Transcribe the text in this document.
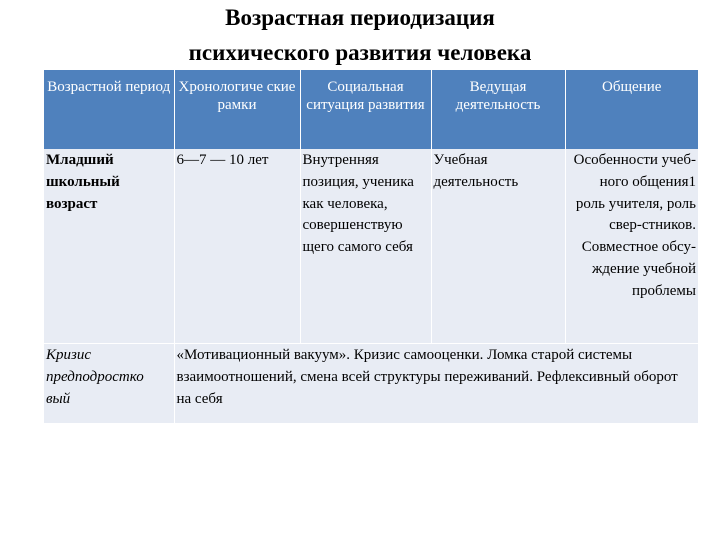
Возрастная периодизация
психического развития человека
Возрастной период	Хронологиче ские рамки	Социальная ситуация развития	Ведущая деятельность	Общение
Младший школьный возраст	6—7 — 10 лет	Внутренняя позиция, ученика как человека, совершенствую щего самого себя	Учебная деятельность	Особенности учеб-ного общения1 роль учителя, роль свер-стников. Совместное обсу-ждение учебной проблемы
Кризис предподростко вый	«Мотивационный вакуум». Кризис самооценки. Ломка старой системы взаимоотношений, смена всей структуры переживаний. Рефлексивный оборот на себя			
